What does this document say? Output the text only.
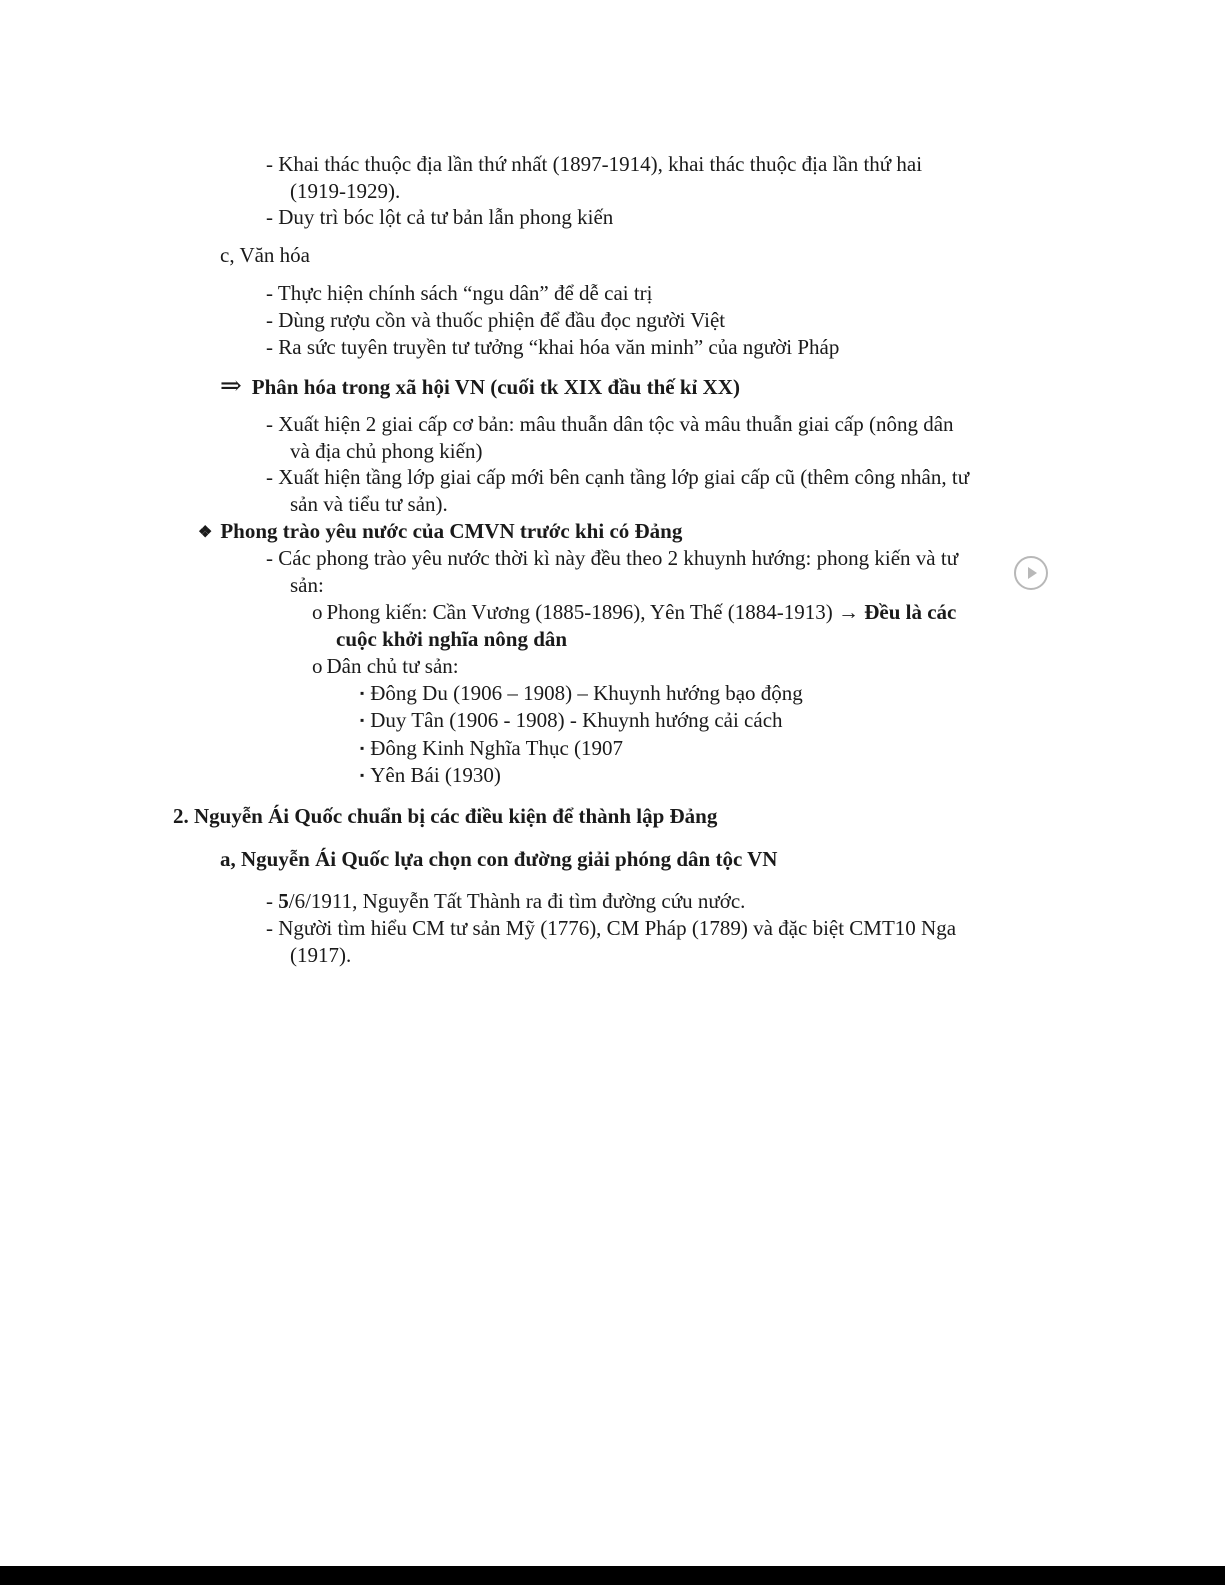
- Khai thác thuộc địa lần thứ nhất (1897-1914), khai thác thuộc địa lần thứ hai
(1919-1929).
- Duy trì bóc lột cả tư bản lẫn phong kiến
c, Văn hóa
- Thực hiện chính sách “ngu dân” để dễ cai trị
- Dùng rượu cồn và thuốc phiện để đầu đọc người Việt
- Ra sức tuyên truyền tư tưởng “khai hóa văn minh” của người Pháp
⇒ Phân hóa trong xã hội VN (cuối tk XIX đầu thế kỉ XX)
- Xuất hiện 2 giai cấp cơ bản: mâu thuẫn dân tộc và mâu thuẫn giai cấp (nông dân
và địa chủ phong kiến)
- Xuất hiện tầng lớp giai cấp mới bên cạnh tầng lớp giai cấp cũ (thêm công nhân, tư
sản và tiểu tư sản).
❖ Phong trào yêu nước của CMVN trước khi có Đảng
- Các phong trào yêu nước thời kì này đều theo 2 khuynh hướng: phong kiến và tư
sản:
o Phong kiến: Cần Vương (1885-1896), Yên Thế (1884-1913) → Đều là các
cuộc khởi nghĩa nông dân
o Dân chủ tư sản:
▪ Đông Du (1906 – 1908) – Khuynh hướng bạo động
▪ Duy Tân (1906 - 1908) - Khuynh hướng cải cách
▪ Đông Kinh Nghĩa Thục (1907
▪ Yên Bái (1930)
2. Nguyễn Ái Quốc chuẩn bị các điều kiện để thành lập Đảng
a, Nguyễn Ái Quốc lựa chọn con đường giải phóng dân tộc VN
- 5/6/1911, Nguyễn Tất Thành ra đi tìm đường cứu nước.
- Người tìm hiểu CM tư sản Mỹ (1776), CM Pháp (1789) và đặc biệt CMT10 Nga
(1917).
